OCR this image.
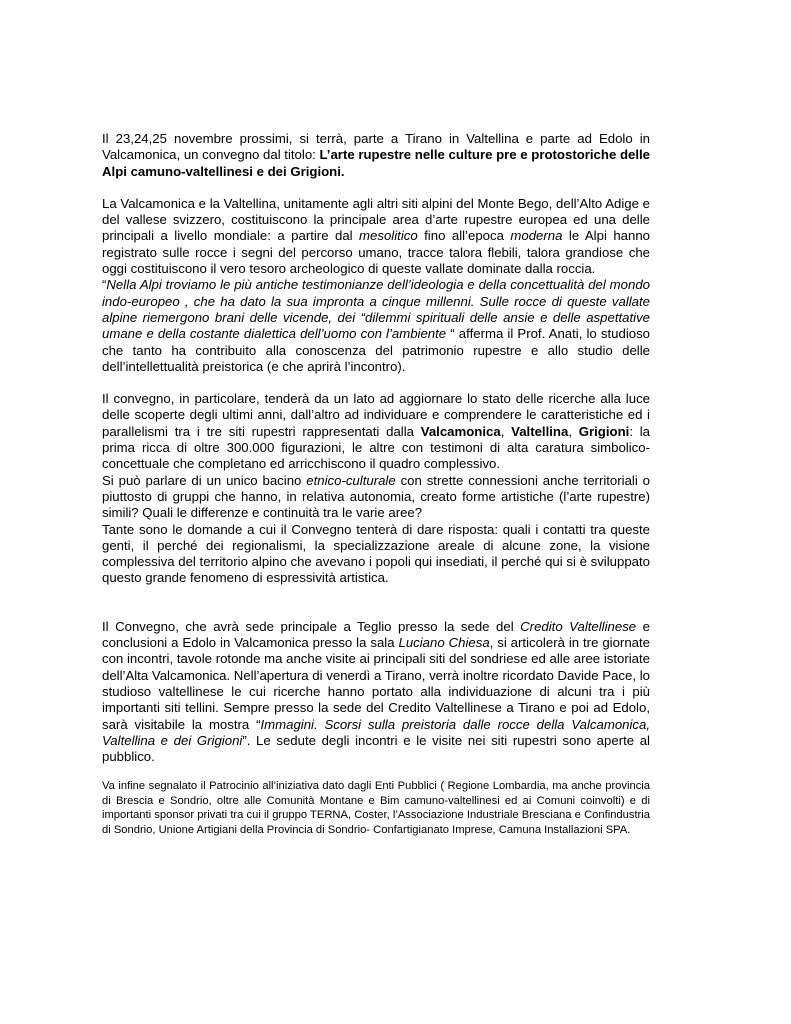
Il 23,24,25 novembre prossimi, si terrà, parte a Tirano in Valtellina e parte ad Edolo in Valcamonica, un convegno dal titolo: L’arte rupestre nelle culture pre e protostoriche delle Alpi camuno-valtellinesi e dei Grigioni.

La Valcamonica e la Valtellina, unitamente agli altri siti alpini del Monte Bego, dell’Alto Adige e del vallese svizzero, costituiscono la principale area d’arte rupestre europea ed una delle principali a livello mondiale: a partire dal mesolitico fino all’epoca moderna le Alpi hanno registrato sulle rocce i segni del percorso umano, tracce talora flebili, talora grandiose che oggi costituiscono il vero tesoro archeologico di queste vallate dominate dalla roccia.
“Nella Alpi troviamo le più antiche testimonianze dell’ideologia e della concettualità del mondo indo-europeo , che ha dato la sua impronta a cinque millenni. Sulle rocce di queste vallate alpine riemergono brani delle vicende, dei “dilemmi spirituali delle ansie e delle aspettative umane e della costante dialettica dell’uomo con l’ambiente “ afferma il Prof. Anati, lo studioso che tanto ha contribuito alla conoscenza del patrimonio rupestre e allo studio delle dell’intellettualità preistorica (e che aprirà l’incontro).

Il convegno, in particolare, tenderà da un lato ad aggiornare lo stato delle ricerche alla luce delle scoperte degli ultimi anni, dall’altro ad individuare e comprendere le caratteristiche ed i parallelismi tra i tre siti rupestri rappresentati dalla Valcamonica, Valtellina, Grigioni: la prima ricca di oltre 300.000 figurazioni, le altre con testimoni di alta caratura simbolico-concettuale che completano ed arricchiscono il quadro complessivo.
Si può parlare di un unico bacino etnico-culturale con strette connessioni anche territoriali o piuttosto di gruppi che hanno, in relativa autonomia, creato forme artistiche (l’arte rupestre) simili? Quali le differenze e continuità tra le varie aree?
Tante sono le domande a cui il Convegno tenterà di dare risposta: quali i contatti tra queste genti, il perché dei regionalismi, la specializzazione areale di alcune zone, la visione complessiva del territorio alpino che avevano i popoli qui insediati, il perché qui si è sviluppato questo grande fenomeno di espressività artistica.

Il Convegno, che avrà sede principale a Teglio presso la sede del Credito Valtellinese e conclusioni a Edolo in Valcamonica presso la sala Luciano Chiesa, si articolerà in tre giornate con incontri, tavole rotonde ma anche visite ai principali siti del sondriese ed alle aree istoriate dell’Alta Valcamonica. Nell’apertura di venerdì a Tirano, verrà inoltre ricordato Davide Pace, lo studioso valtellinese le cui ricerche hanno portato alla individuazione di alcuni tra i più importanti siti tellini. Sempre presso la sede del Credito Valtellinese a Tirano e poi ad Edolo, sarà visitabile la mostra “Immagini. Scorsi sulla preistoria dalle rocce della Valcamonica, Valtellina e dei Grigioni”. Le sedute degli incontri e le visite nei siti rupestri sono aperte al pubblico.

Va infine segnalato il Patrocinio all’iniziativa dato dagli Enti Pubblici ( Regione Lombardia, ma anche provincia di Brescia e Sondrio, oltre alle Comunità Montane e Bim camuno-valtellinesi ed ai Comuni coinvolti) e di importanti sponsor privati tra cui il gruppo TERNA, Coster, l’Associazione Industriale Bresciana e Confindustria di Sondrio, Unione Artigiani della Provincia di Sondrio- Confartigianato Imprese, Camuna Installazioni SPA.
